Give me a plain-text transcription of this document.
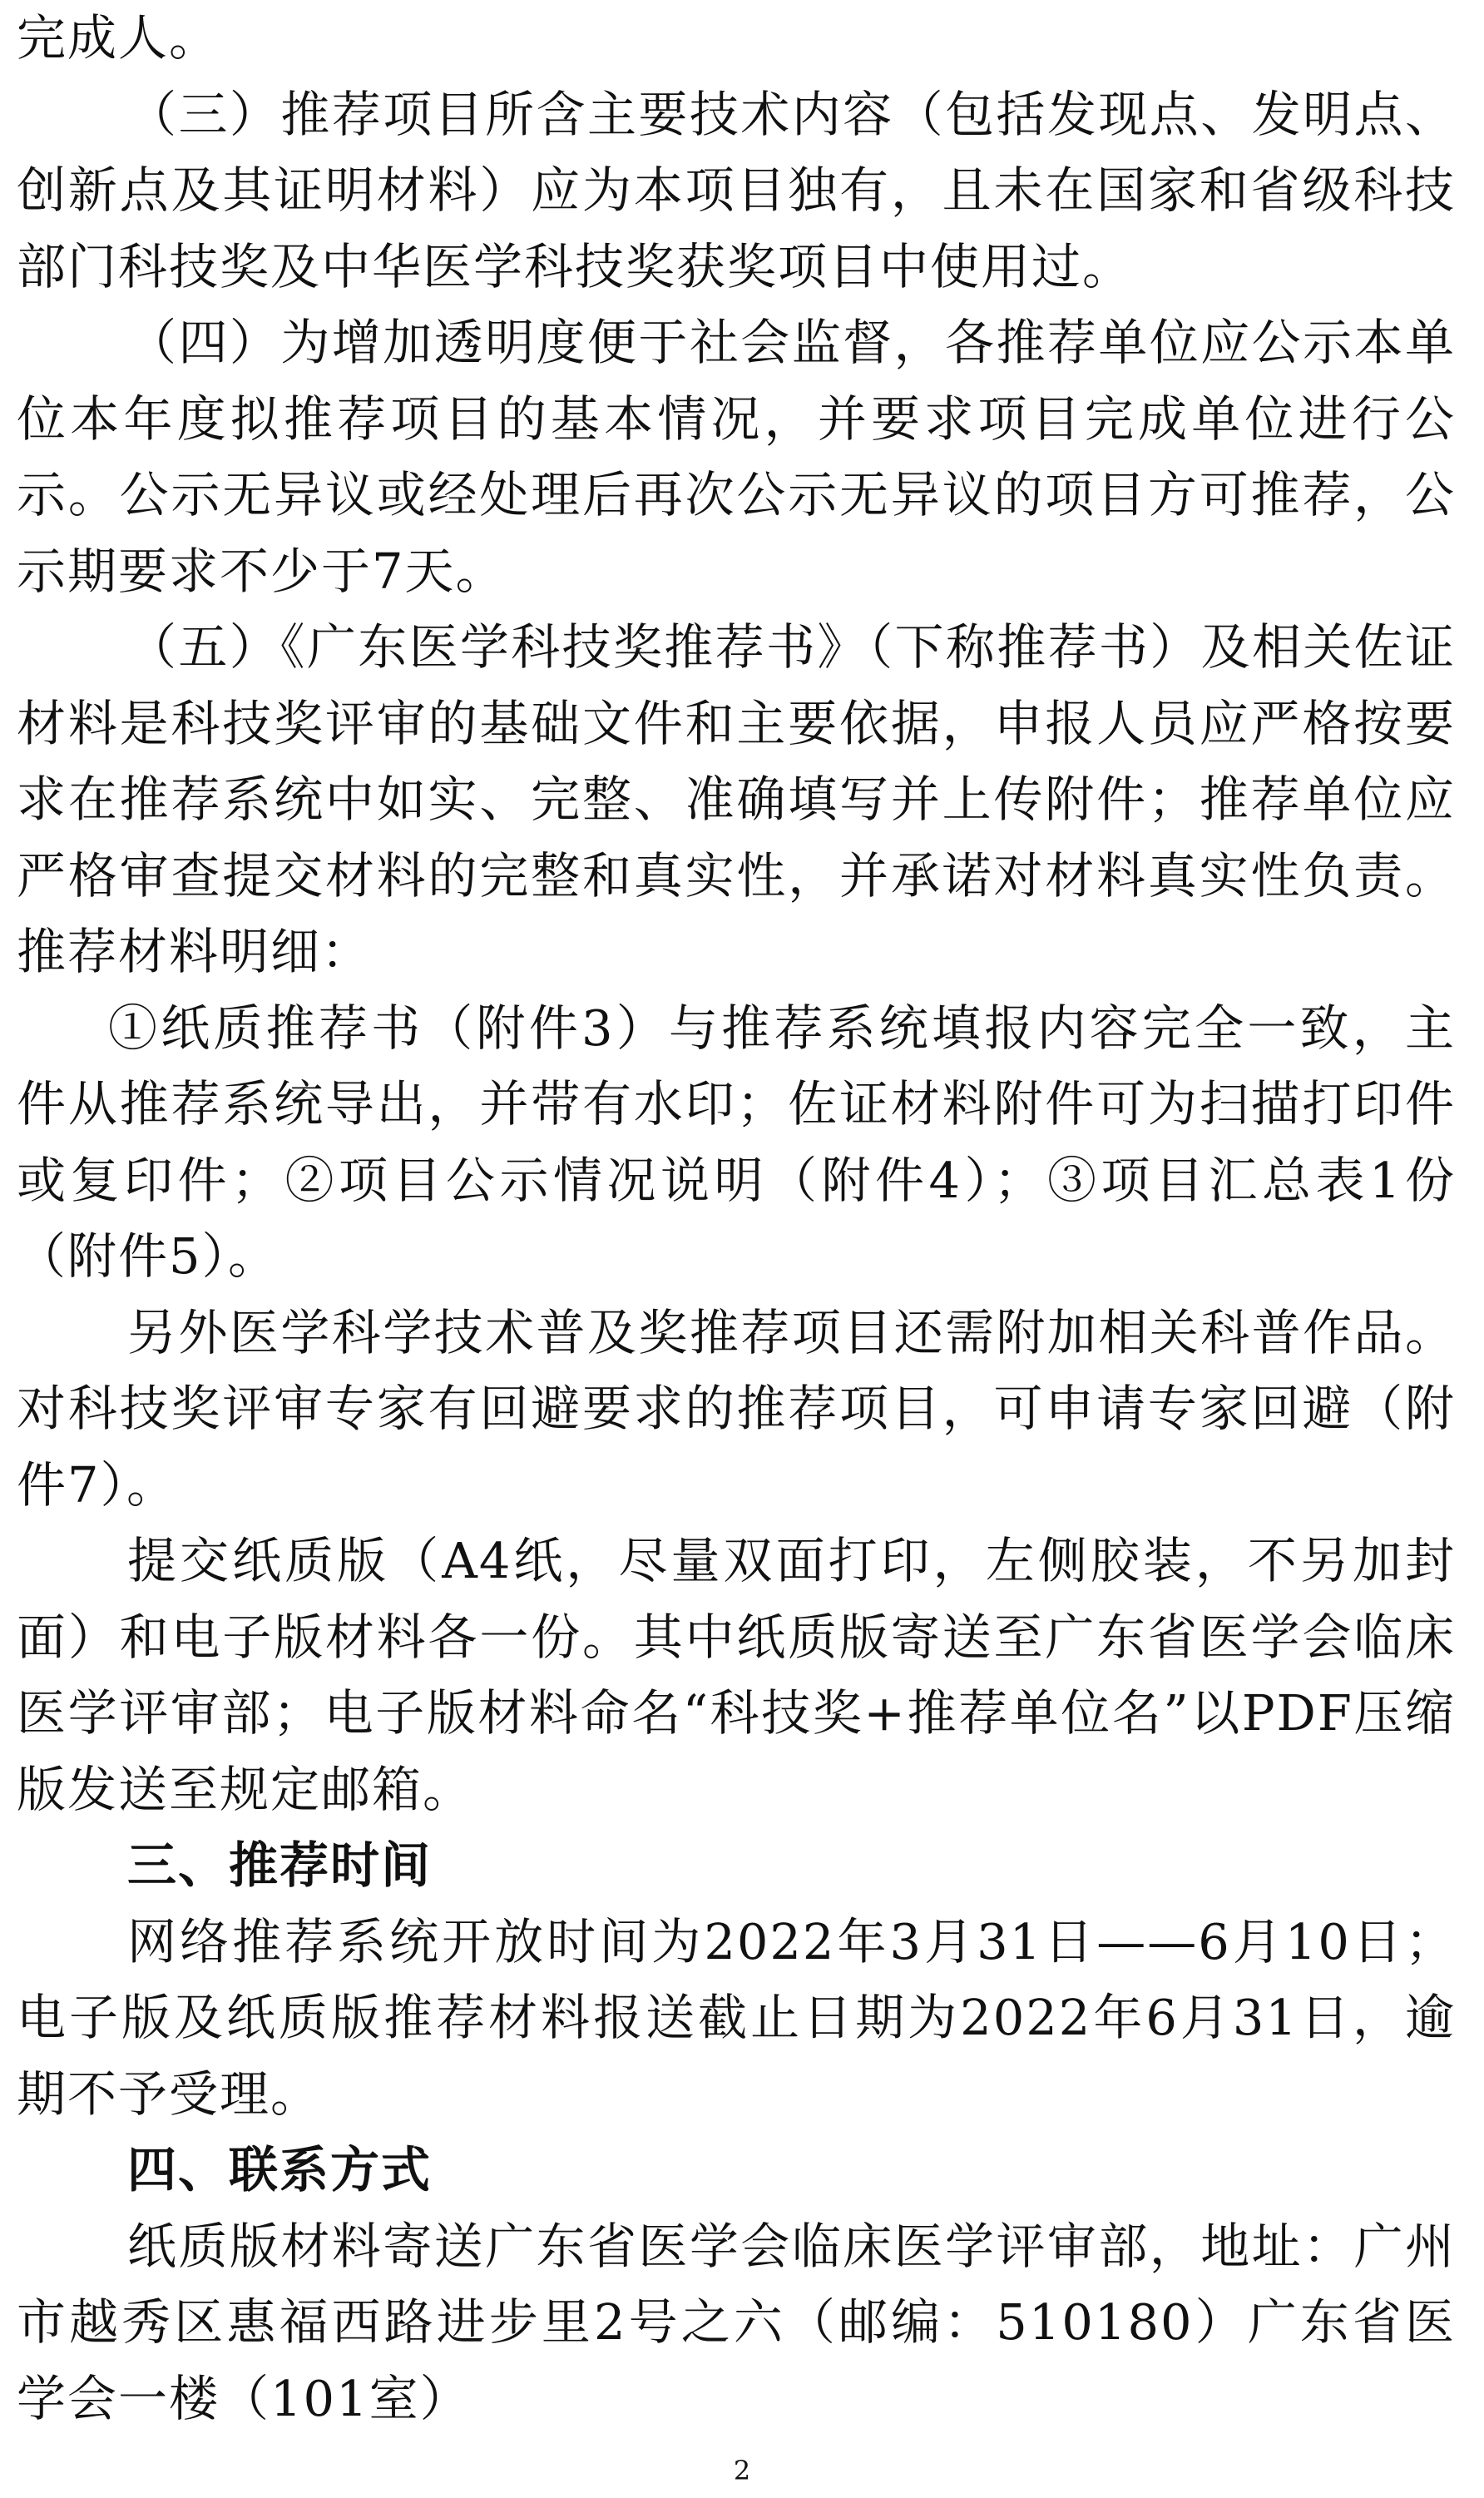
完成人。

（三）推荐项目所含主要技术内容（包括发现点、发明点、创新点及其证明材料）应为本项目独有，且未在国家和省级科技部门科技奖及中华医学科技奖获奖项目中使用过。

（四）为增加透明度便于社会监督，各推荐单位应公示本单位本年度拟推荐项目的基本情况，并要求项目完成单位进行公示。公示无异议或经处理后再次公示无异议的项目方可推荐，公示期要求不少于7天。

（五）《广东医学科技奖推荐书》（下称推荐书）及相关佐证材料是科技奖评审的基础文件和主要依据，申报人员应严格按要求在推荐系统中如实、完整、准确填写并上传附件；推荐单位应严格审查提交材料的完整和真实性，并承诺对材料真实性负责。推荐材料明细：

①纸质推荐书（附件3）与推荐系统填报内容完全一致，主件从推荐系统导出，并带有水印；佐证材料附件可为扫描打印件或复印件；②项目公示情况说明（附件4）；③项目汇总表1份（附件5）。

另外医学科学技术普及奖推荐项目还需附加相关科普作品。对科技奖评审专家有回避要求的推荐项目，可申请专家回避（附件7）。

提交纸质版（A4纸，尽量双面打印，左侧胶装，不另加封面）和电子版材料各一份。其中纸质版寄送至广东省医学会临床医学评审部；电子版材料命名“科技奖+推荐单位名”以PDF压缩版发送至规定邮箱。

三、推荐时间

网络推荐系统开放时间为2022年3月31日——6月10日；电子版及纸质版推荐材料报送截止日期为2022年6月31日，逾期不予受理。

四、联系方式

纸质版材料寄送广东省医学会临床医学评审部，地址：广州市越秀区惠福西路进步里2号之六（邮编：510180）广东省医学会一楼（101室）

2
